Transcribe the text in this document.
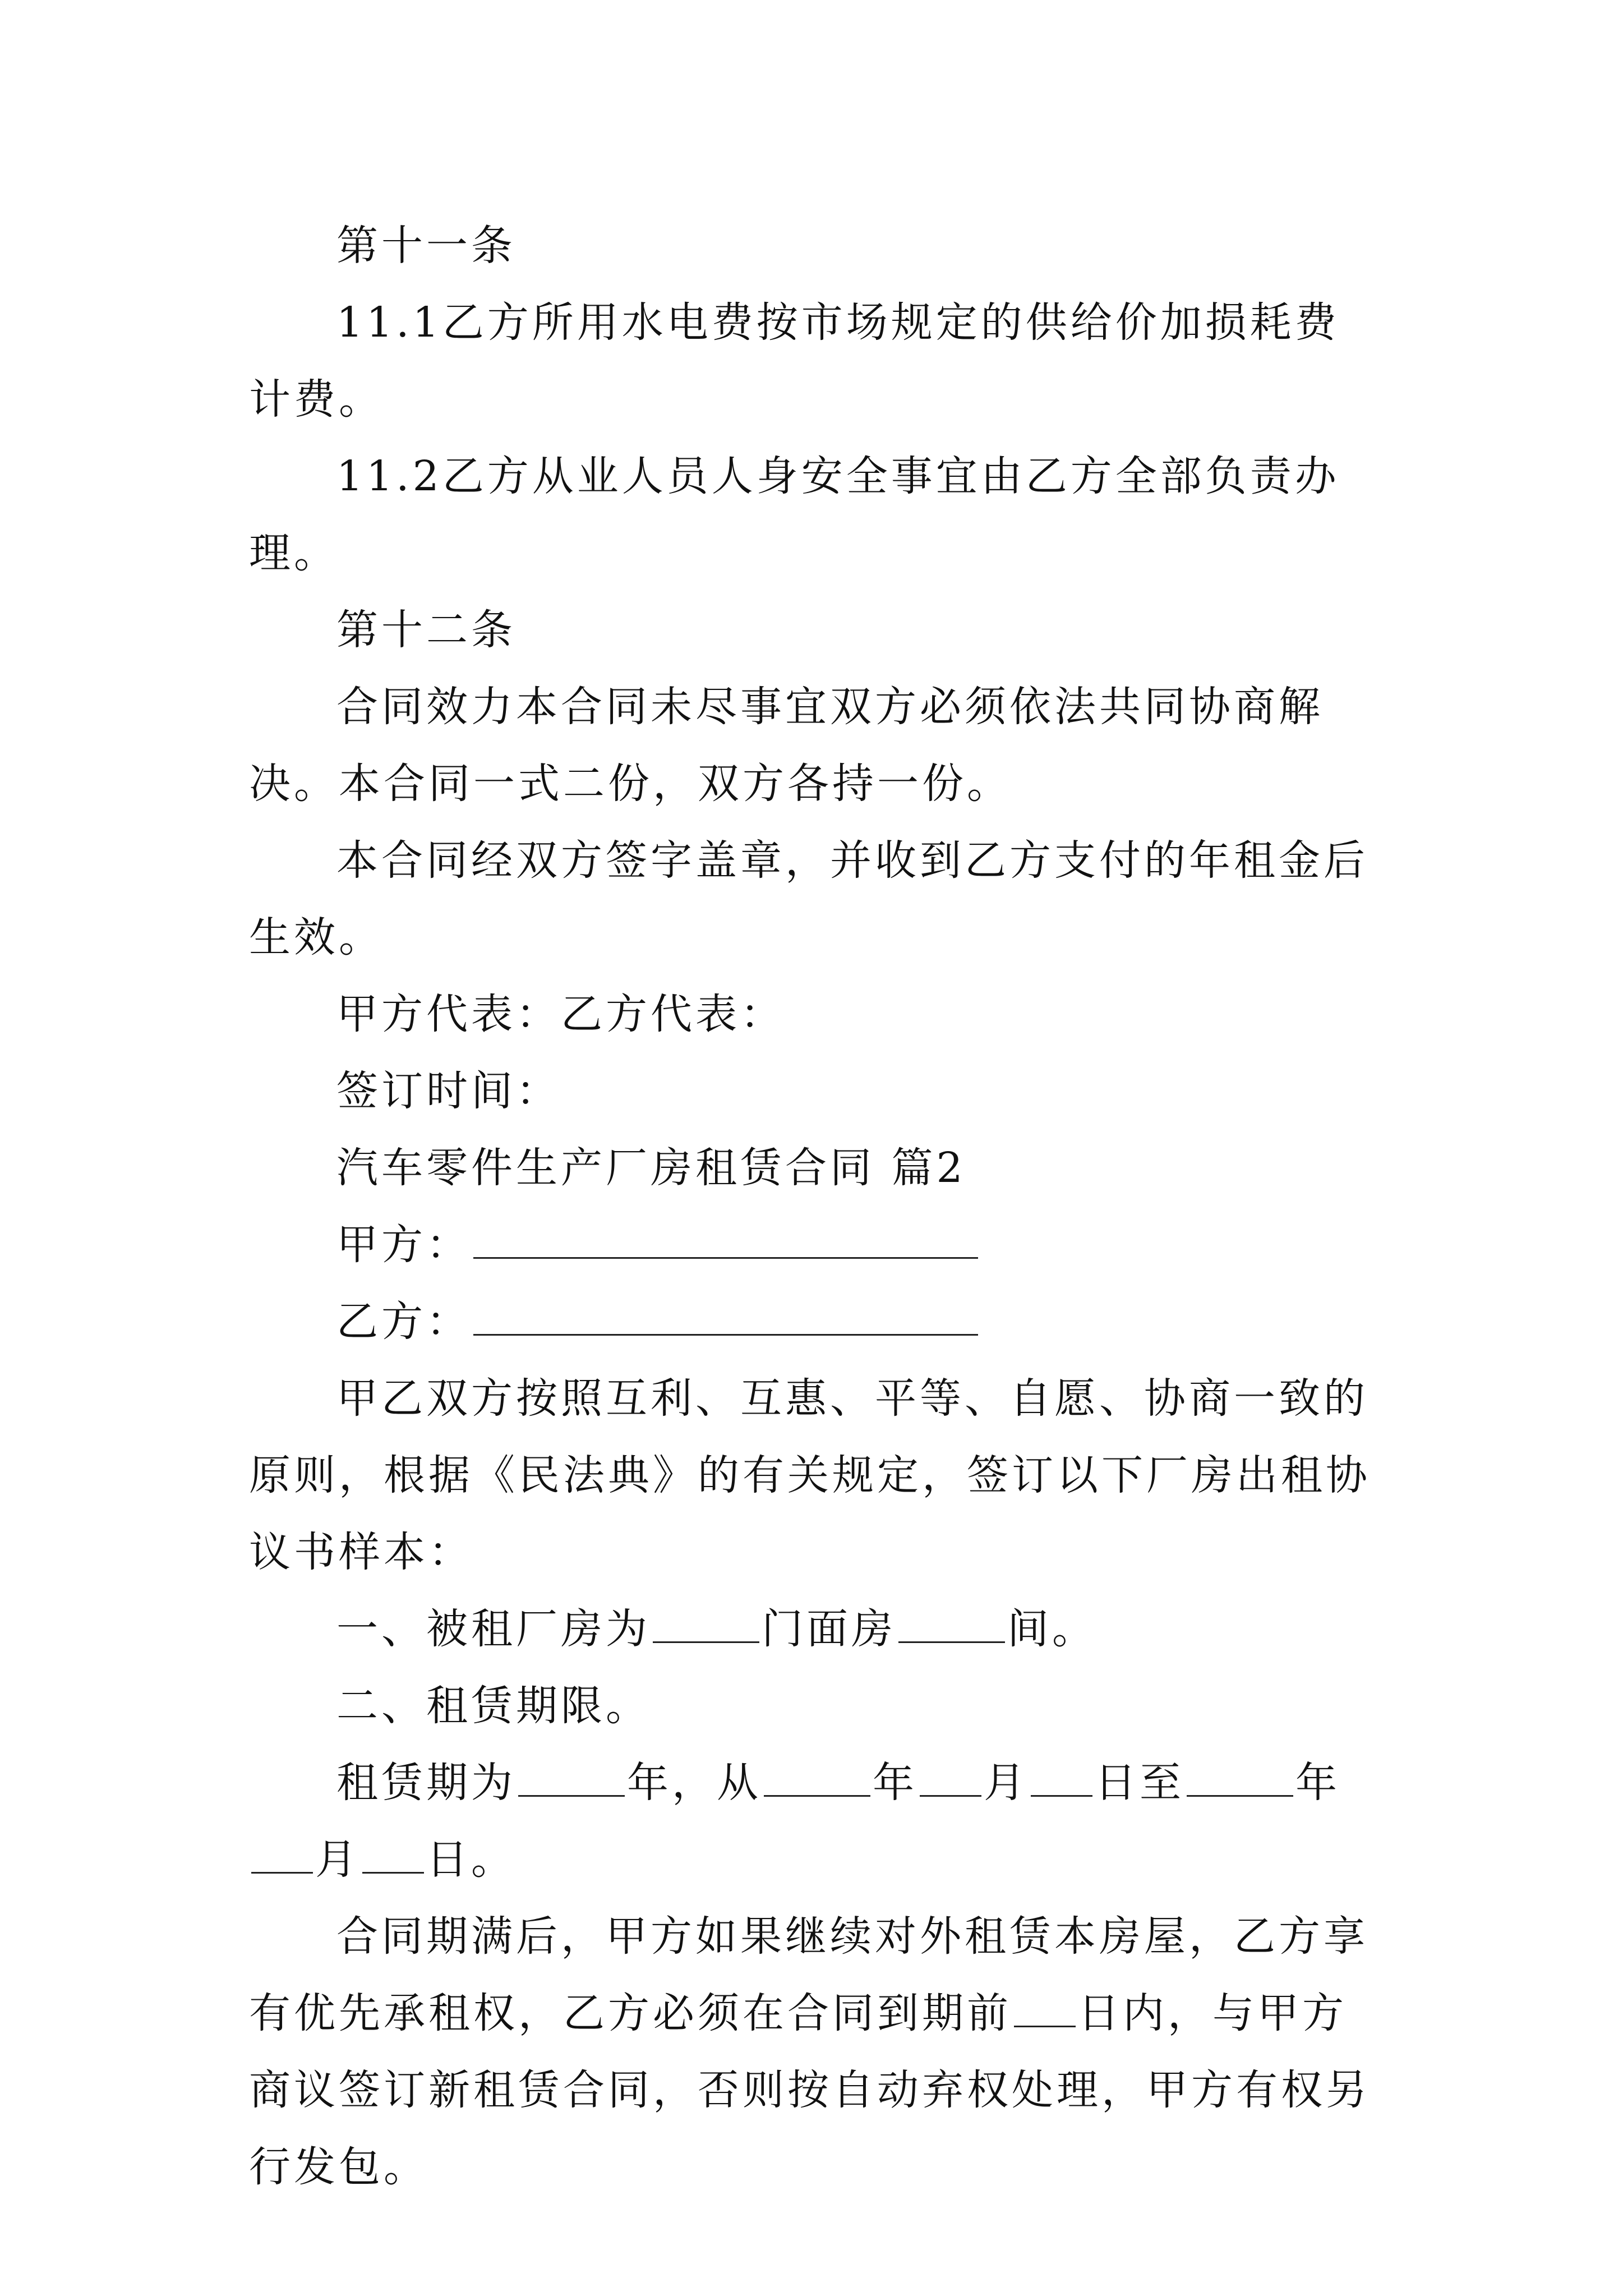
第十一条

11.1乙方所用水电费按市场规定的供给价加损耗费计费。

11.2乙方从业人员人身安全事宜由乙方全部负责办理。

第十二条

合同效力本合同未尽事宜双方必须依法共同协商解决。本合同一式二份，双方各持一份。

本合同经双方签字盖章，并收到乙方支付的年租金后生效。

甲方代表：乙方代表：

签订时间：

汽车零件生产厂房租赁合同 篇2

甲方：

乙方：

甲乙双方按照互利、互惠、平等、自愿、协商一致的原则，根据《民法典》的有关规定，签订以下厂房出租协议书样本：

一、被租厂房为	门面房	间。

二、租赁期限。

租赁期为	年，从	年 月 日至	年月 日。

合同期满后，甲方如果继续对外租赁本房屋，乙方享有优先承租权，乙方必须在合同到期前 日内，与甲方商议签订新租赁合同，否则按自动弃权处理，甲方有权另行发包。
